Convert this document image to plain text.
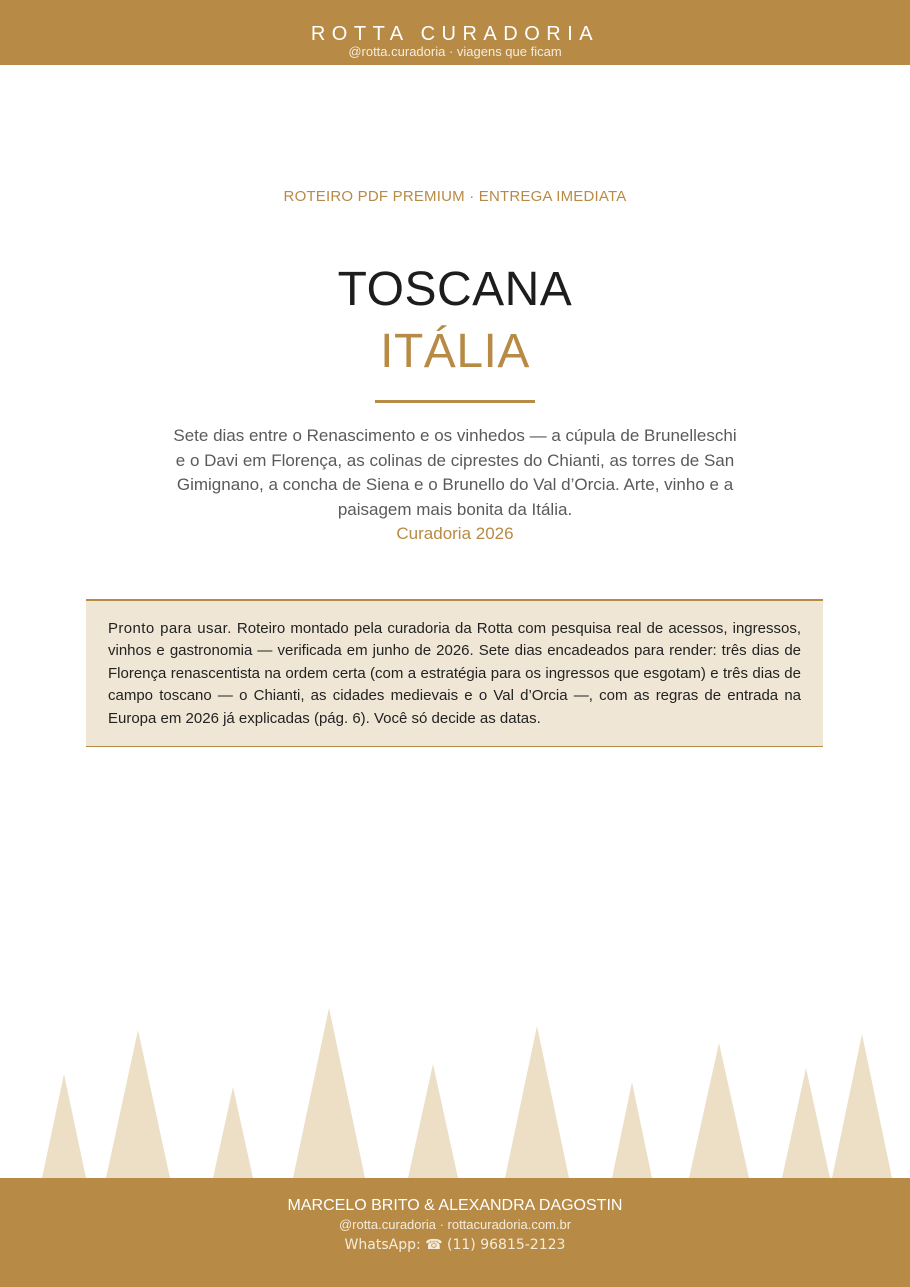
ROTTA CURADORIA
@rotta.curadoria · viagens que ficam
ROTEIRO PDF PREMIUM · ENTREGA IMEDIATA
TOSCANA
ITÁLIA
Sete dias entre o Renascimento e os vinhedos — a cúpula de Brunelleschi e o Davi em Florença, as colinas de ciprestes do Chianti, as torres de San Gimignano, a concha de Siena e o Brunello do Val d’Orcia. Arte, vinho e a paisagem mais bonita da Itália.
Curadoria 2026

Pronto para usar. Roteiro montado pela curadoria da Rotta com pesquisa real de acessos, ingressos, vinhos e gastronomia — verificada em junho de 2026. Sete dias encadeados para render: três dias de Florença renascentista na ordem certa (com a estratégia para os ingressos que esgotam) e três dias de campo toscano — o Chianti, as cidades medievais e o Val d’Orcia —, com as regras de entrada na Europa em 2026 já explicadas (pág. 6). Você só decide as datas.

MARCELO BRITO & ALEXANDRA DAGOSTIN
@rotta.curadoria · rottacuradoria.com.br
WhatsApp: ☎ (11) 96815-2123
